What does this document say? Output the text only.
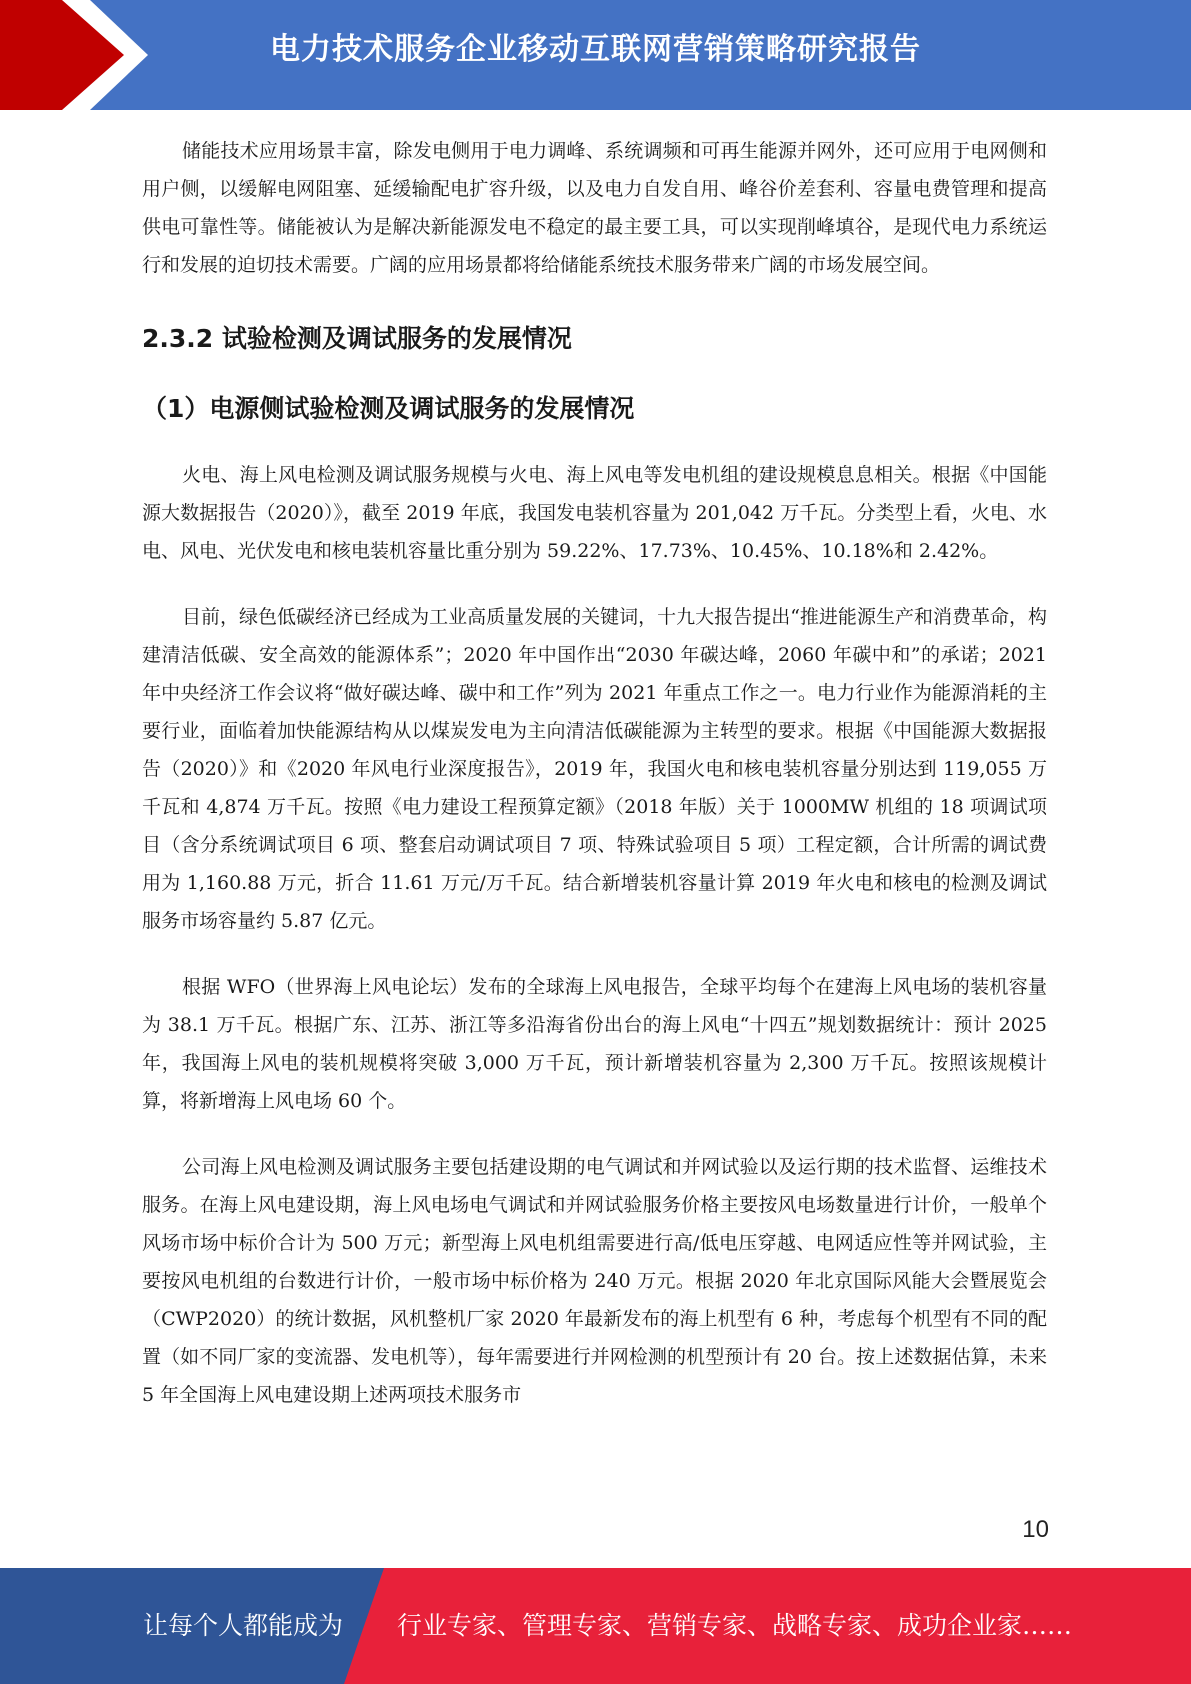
电力技术服务企业移动互联网营销策略研究报告

储能技术应用场景丰富，除发电侧用于电力调峰、系统调频和可再生能源并网外，还可应用于电网侧和用户侧，以缓解电网阻塞、延缓输配电扩容升级，以及电力自发自用、峰谷价差套利、容量电费管理和提高供电可靠性等。储能被认为是解决新能源发电不稳定的最主要工具，可以实现削峰填谷，是现代电力系统运行和发展的迫切技术需要。广阔的应用场景都将给储能系统技术服务带来广阔的市场发展空间。

2.3.2 试验检测及调试服务的发展情况
（1）电源侧试验检测及调试服务的发展情况

火电、海上风电检测及调试服务规模与火电、海上风电等发电机组的建设规模息息相关。根据《中国能源大数据报告（2020）》，截至 2019 年底，我国发电装机容量为 201,042 万千瓦。分类型上看，火电、水电、风电、光伏发电和核电装机容量比重分别为 59.22%、17.73%、10.45%、10.18%和 2.42%。

目前，绿色低碳经济已经成为工业高质量发展的关键词，十九大报告提出“推进能源生产和消费革命，构建清洁低碳、安全高效的能源体系”；2020 年中国作出“2030 年碳达峰，2060 年碳中和”的承诺；2021 年中央经济工作会议将“做好碳达峰、碳中和工作”列为 2021 年重点工作之一。电力行业作为能源消耗的主要行业，面临着加快能源结构从以煤炭发电为主向清洁低碳能源为主转型的要求。根据《中国能源大数据报告（2020）》和《2020 年风电行业深度报告》，2019 年，我国火电和核电装机容量分别达到 119,055 万千瓦和 4,874 万千瓦。按照《电力建设工程预算定额》（2018 年版）关于 1000MW 机组的 18 项调试项目（含分系统调试项目 6 项、整套启动调试项目 7 项、特殊试验项目 5 项）工程定额，合计所需的调试费用为 1,160.88 万元，折合 11.61 万元/万千瓦。结合新增装机容量计算 2019 年火电和核电的检测及调试服务市场容量约 5.87 亿元。

根据 WFO（世界海上风电论坛）发布的全球海上风电报告，全球平均每个在建海上风电场的装机容量为 38.1 万千瓦。根据广东、江苏、浙江等多沿海省份出台的海上风电“十四五”规划数据统计：预计 2025 年，我国海上风电的装机规模将突破 3,000 万千瓦，预计新增装机容量为 2,300 万千瓦。按照该规模计算，将新增海上风电场 60 个。

公司海上风电检测及调试服务主要包括建设期的电气调试和并网试验以及运行期的技术监督、运维技术服务。在海上风电建设期，海上风电场电气调试和并网试验服务价格主要按风电场数量进行计价，一般单个风场市场中标价合计为 500 万元；新型海上风电机组需要进行高/低电压穿越、电网适应性等并网试验，主要按风电机组的台数进行计价，一般市场中标价格为 240 万元。根据 2020 年北京国际风能大会暨展览会（CWP2020）的统计数据，风机整机厂家 2020 年最新发布的海上机型有 6 种，考虑每个机型有不同的配置（如不同厂家的变流器、发电机等），每年需要进行并网检测的机型预计有 20 台。按上述数据估算，未来 5 年全国海上风电建设期上述两项技术服务市

10
让每个人都能成为 行业专家、管理专家、营销专家、战略专家、成功企业家……
